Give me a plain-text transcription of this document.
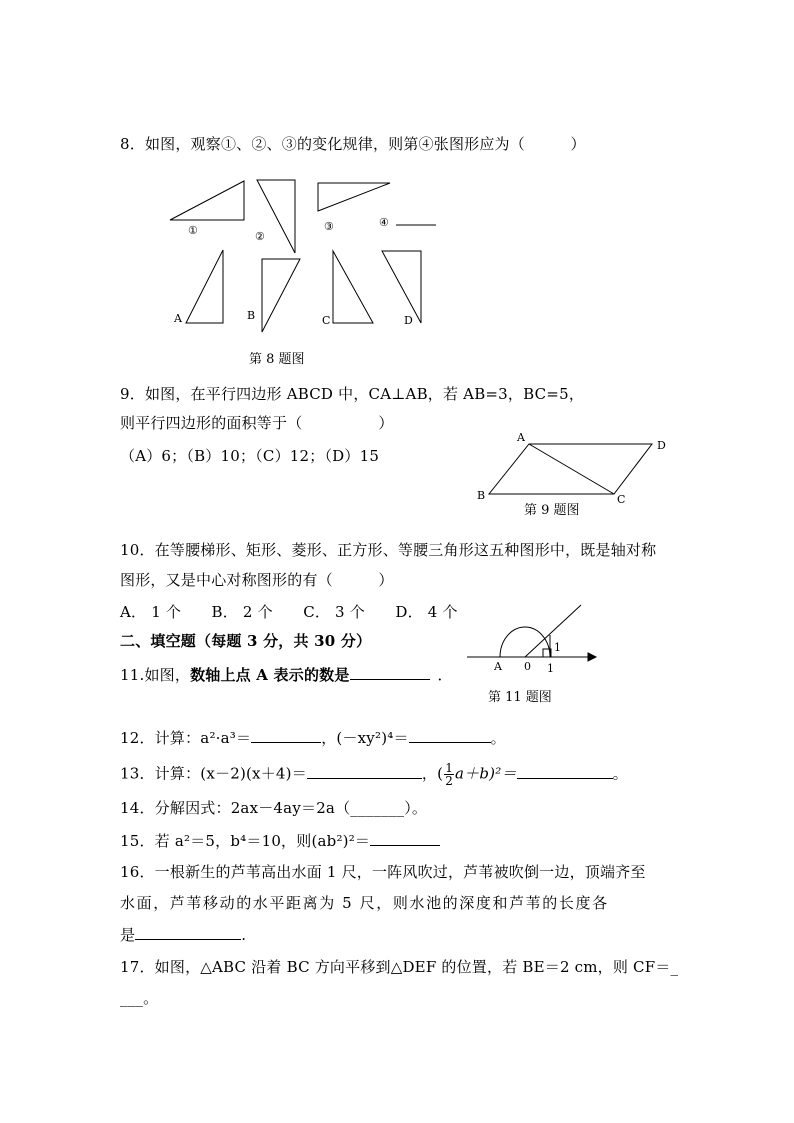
8．如图，观察①、②、③的变化规律，则第④张图形应为（　　　）
①	②
③	④
A	B	C	D
第 8 题图
9．如图，在平行四边形 ABCD 中，CA⊥AB，若 AB=3，BC=5，
则平行四边形的面积等于（　　　　　）
（A）6；（B）10；（C）12；（D）15
A
D
B	C
第 9 题图
10．在等腰梯形、矩形、菱形、正方形、等腰三角形这五种图形中，既是轴对称
图形，又是中心对称图形的有（　　　）
A． 1 个　　B． 2 个　　C． 3 个　　D． 4 个
二、填空题（每题 3 分，共 30 分）
11.如图，数轴上点 A 表示的数是	．	A 0 1
1
第 11 题图
12．计算：a²·a³＝	，(－xy²)⁴＝	。
13．计算：(x－2)(x＋4)＝	，( $\frac{1}{2} a+b)^2=$	。
14．分解因式：2ax－4ay＝2a（_______）。
15．若 a²＝5，b⁴＝10，则(ab²)²＝
16．一根新生的芦苇高出水面 1 尺，一阵风吹过，芦苇被吹倒一边，顶端齐至
水面，芦苇移动的水平距离为 5 尺，则水池的深度和芦苇的长度各
是	.
17．如图，△ABC 沿着 BC 方向平移到△DEF 的位置，若 BE＝2 cm，则 CF＝_
___。
